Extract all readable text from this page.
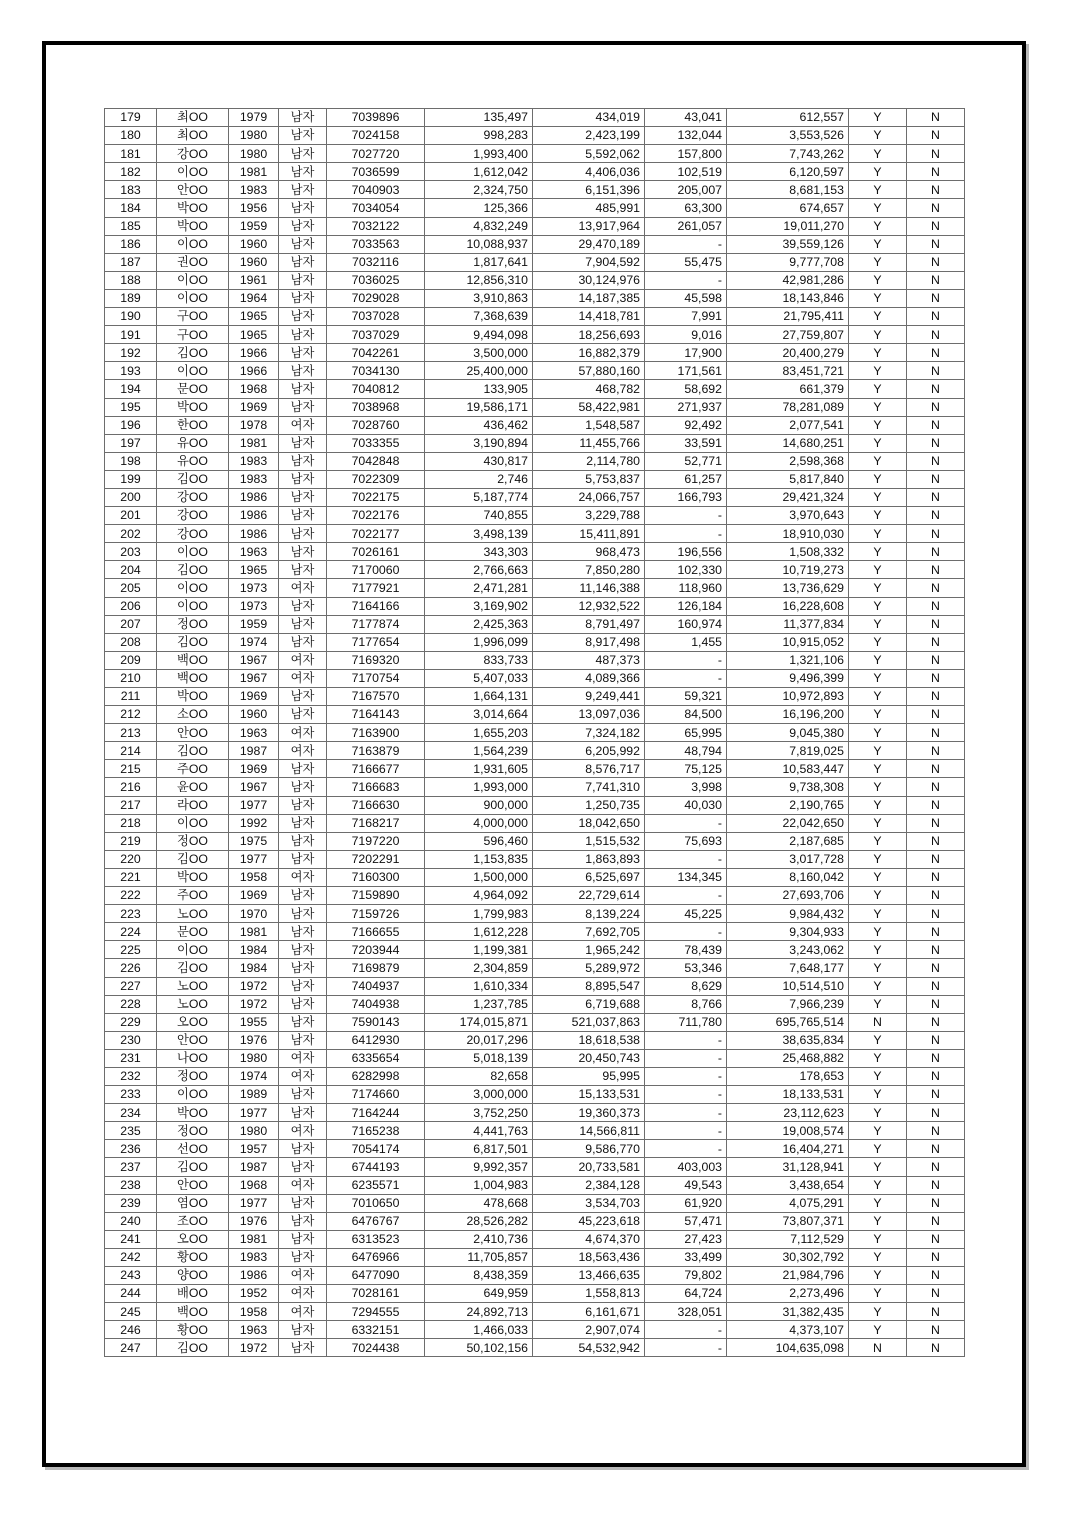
179	최OO	1979	남자	7039896	135,497	434,019	43,041	612,557	Y	N
180	최OO	1980	남자	7024158	998,283	2,423,199	132,044	3,553,526	Y	N
181	강OO	1980	남자	7027720	1,993,400	5,592,062	157,800	7,743,262	Y	N
182	이OO	1981	남자	7036599	1,612,042	4,406,036	102,519	6,120,597	Y	N
183	안OO	1983	남자	7040903	2,324,750	6,151,396	205,007	8,681,153	Y	N
184	박OO	1956	남자	7034054	125,366	485,991	63,300	674,657	Y	N
185	박OO	1959	남자	7032122	4,832,249	13,917,964	261,057	19,011,270	Y	N
186	이OO	1960	남자	7033563	10,088,937	29,470,189	-	39,559,126	Y	N
187	권OO	1960	남자	7032116	1,817,641	7,904,592	55,475	9,777,708	Y	N
188	이OO	1961	남자	7036025	12,856,310	30,124,976	-	42,981,286	Y	N
189	이OO	1964	남자	7029028	3,910,863	14,187,385	45,598	18,143,846	Y	N
190	구OO	1965	남자	7037028	7,368,639	14,418,781	7,991	21,795,411	Y	N
191	구OO	1965	남자	7037029	9,494,098	18,256,693	9,016	27,759,807	Y	N
192	김OO	1966	남자	7042261	3,500,000	16,882,379	17,900	20,400,279	Y	N
193	이OO	1966	남자	7034130	25,400,000	57,880,160	171,561	83,451,721	Y	N
194	문OO	1968	남자	7040812	133,905	468,782	58,692	661,379	Y	N
195	박OO	1969	남자	7038968	19,586,171	58,422,981	271,937	78,281,089	Y	N
196	한OO	1978	여자	7028760	436,462	1,548,587	92,492	2,077,541	Y	N
197	유OO	1981	남자	7033355	3,190,894	11,455,766	33,591	14,680,251	Y	N
198	유OO	1983	남자	7042848	430,817	2,114,780	52,771	2,598,368	Y	N
199	김OO	1983	남자	7022309	2,746	5,753,837	61,257	5,817,840	Y	N
200	강OO	1986	남자	7022175	5,187,774	24,066,757	166,793	29,421,324	Y	N
201	강OO	1986	남자	7022176	740,855	3,229,788	-	3,970,643	Y	N
202	강OO	1986	남자	7022177	3,498,139	15,411,891	-	18,910,030	Y	N
203	이OO	1963	남자	7026161	343,303	968,473	196,556	1,508,332	Y	N
204	김OO	1965	남자	7170060	2,766,663	7,850,280	102,330	10,719,273	Y	N
205	이OO	1973	여자	7177921	2,471,281	11,146,388	118,960	13,736,629	Y	N
206	이OO	1973	남자	7164166	3,169,902	12,932,522	126,184	16,228,608	Y	N
207	정OO	1959	남자	7177874	2,425,363	8,791,497	160,974	11,377,834	Y	N
208	김OO	1974	남자	7177654	1,996,099	8,917,498	1,455	10,915,052	Y	N
209	백OO	1967	여자	7169320	833,733	487,373	-	1,321,106	Y	N
210	백OO	1967	여자	7170754	5,407,033	4,089,366	-	9,496,399	Y	N
211	박OO	1969	남자	7167570	1,664,131	9,249,441	59,321	10,972,893	Y	N
212	소OO	1960	남자	7164143	3,014,664	13,097,036	84,500	16,196,200	Y	N
213	안OO	1963	여자	7163900	1,655,203	7,324,182	65,995	9,045,380	Y	N
214	김OO	1987	여자	7163879	1,564,239	6,205,992	48,794	7,819,025	Y	N
215	주OO	1969	남자	7166677	1,931,605	8,576,717	75,125	10,583,447	Y	N
216	윤OO	1967	남자	7166683	1,993,000	7,741,310	3,998	9,738,308	Y	N
217	라OO	1977	남자	7166630	900,000	1,250,735	40,030	2,190,765	Y	N
218	이OO	1992	남자	7168217	4,000,000	18,042,650	-	22,042,650	Y	N
219	정OO	1975	남자	7197220	596,460	1,515,532	75,693	2,187,685	Y	N
220	김OO	1977	남자	7202291	1,153,835	1,863,893	-	3,017,728	Y	N
221	박OO	1958	여자	7160300	1,500,000	6,525,697	134,345	8,160,042	Y	N
222	주OO	1969	남자	7159890	4,964,092	22,729,614	-	27,693,706	Y	N
223	노OO	1970	남자	7159726	1,799,983	8,139,224	45,225	9,984,432	Y	N
224	문OO	1981	남자	7166655	1,612,228	7,692,705	-	9,304,933	Y	N
225	이OO	1984	남자	7203944	1,199,381	1,965,242	78,439	3,243,062	Y	N
226	김OO	1984	남자	7169879	2,304,859	5,289,972	53,346	7,648,177	Y	N
227	노OO	1972	남자	7404937	1,610,334	8,895,547	8,629	10,514,510	Y	N
228	노OO	1972	남자	7404938	1,237,785	6,719,688	8,766	7,966,239	Y	N
229	오OO	1955	남자	7590143	174,015,871	521,037,863	711,780	695,765,514	N	N
230	안OO	1976	남자	6412930	20,017,296	18,618,538	-	38,635,834	Y	N
231	나OO	1980	여자	6335654	5,018,139	20,450,743	-	25,468,882	Y	N
232	정OO	1974	여자	6282998	82,658	95,995	-	178,653	Y	N
233	이OO	1989	남자	7174660	3,000,000	15,133,531	-	18,133,531	Y	N
234	박OO	1977	남자	7164244	3,752,250	19,360,373	-	23,112,623	Y	N
235	정OO	1980	여자	7165238	4,441,763	14,566,811	-	19,008,574	Y	N
236	선OO	1957	남자	7054174	6,817,501	9,586,770	-	16,404,271	Y	N
237	김OO	1987	남자	6744193	9,992,357	20,733,581	403,003	31,128,941	Y	N
238	안OO	1968	여자	6235571	1,004,983	2,384,128	49,543	3,438,654	Y	N
239	염OO	1977	남자	7010650	478,668	3,534,703	61,920	4,075,291	Y	N
240	조OO	1976	남자	6476767	28,526,282	45,223,618	57,471	73,807,371	Y	N
241	오OO	1981	남자	6313523	2,410,736	4,674,370	27,423	7,112,529	Y	N
242	황OO	1983	남자	6476966	11,705,857	18,563,436	33,499	30,302,792	Y	N
243	양OO	1986	여자	6477090	8,438,359	13,466,635	79,802	21,984,796	Y	N
244	배OO	1952	여자	7028161	649,959	1,558,813	64,724	2,273,496	Y	N
245	백OO	1958	여자	7294555	24,892,713	6,161,671	328,051	31,382,435	Y	N
246	황OO	1963	남자	6332151	1,466,033	2,907,074	-	4,373,107	Y	N
247	김OO	1972	남자	7024438	50,102,156	54,532,942	-	104,635,098	N	N
